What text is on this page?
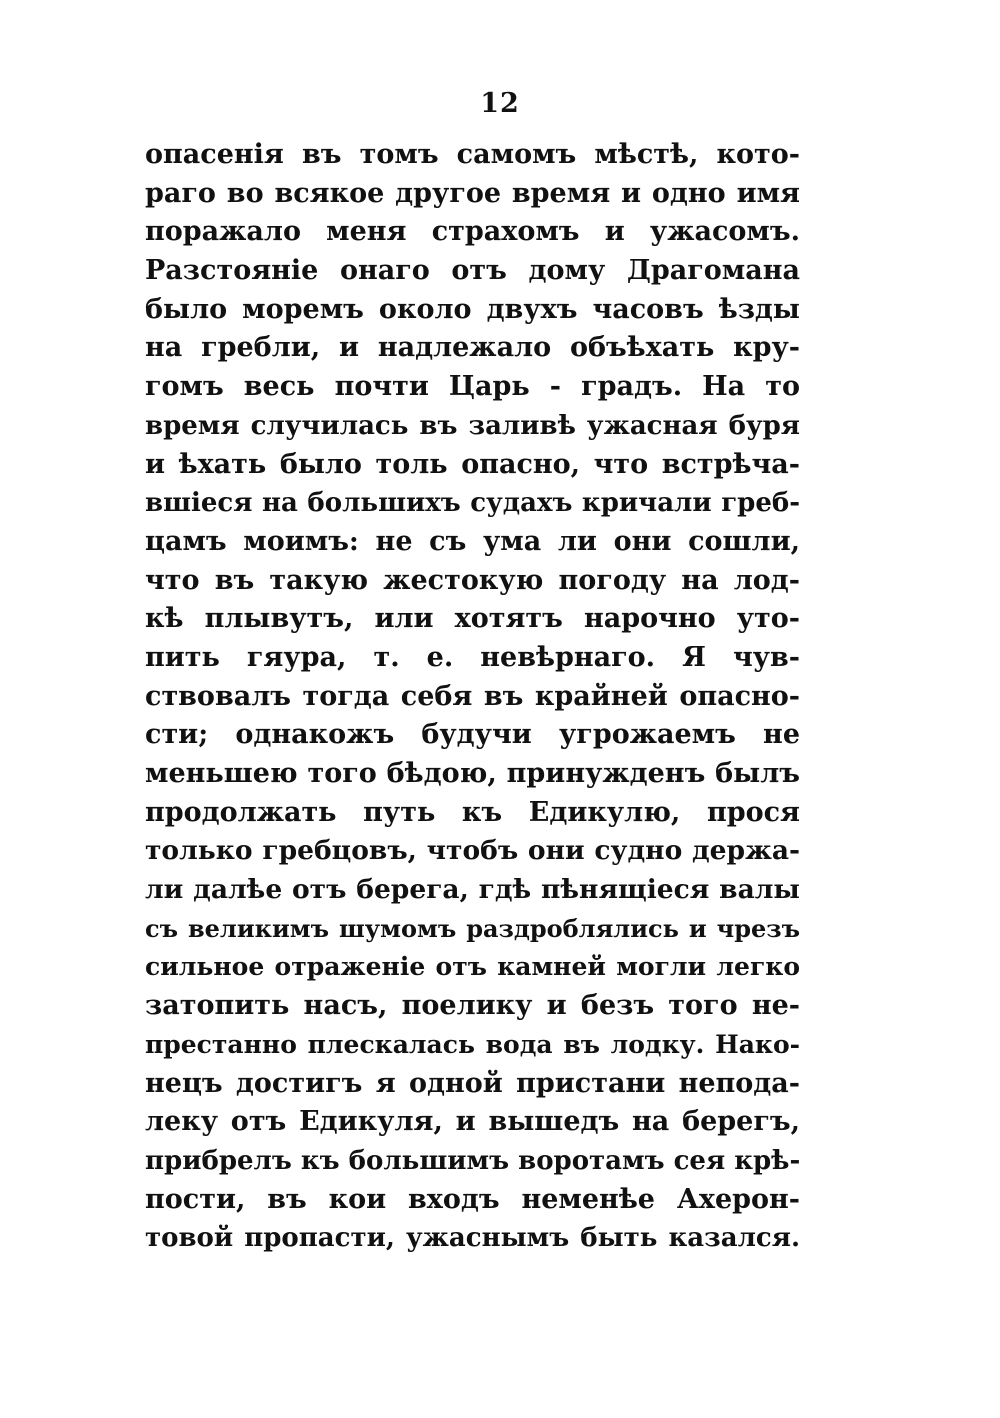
12
опасенія въ томъ самомъ мѣстѣ, кото-
раго во всякое другое время и одно имя
поражало меня страхомъ и ужасомъ.
Разстояніе онаго отъ дому Драгомана
было моремъ около двухъ часовъ ѣзды
на гребли, и надлежало объѣхать кру-
гомъ весь почти Царь - градъ. На то
время случилась въ заливѣ ужасная буря
и ѣхать было толь опасно, что встрѣча-
вшіеся на большихъ судахъ кричали греб-
цамъ моимъ: не съ ума ли они сошли,
что въ такую жестокую погоду на лод-
кѣ плывутъ, или хотятъ нарочно уто-
пить гяура, т. е. невѣрнаго. Я чув-
ствовалъ тогда себя въ крайней опасно-
сти; однакожъ будучи угрожаемъ не
меньшею того бѣдою, принужденъ былъ
продолжать путь къ Едикулю, прося
только гребцовъ, чтобъ они судно держа-
ли далѣе отъ берега, гдѣ пѣнящіеся валы
съ великимъ шумомъ раздроблялись и чрезъ
сильное отраженіе отъ камней могли легко
затопить насъ, поелику и безъ того не-
престанно плескалась вода въ лодку. Нако-
нецъ достигъ я одной пристани непода-
леку отъ Едикуля, и вышедъ на берегъ,
прибрелъ къ большимъ воротамъ сея крѣ-
пости, въ кои входъ неменѣе Ахерон-
товой пропасти, ужаснымъ быть казался.
